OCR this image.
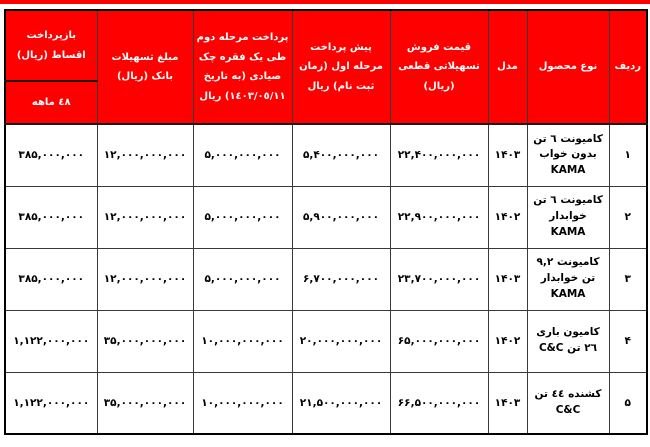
ردیف	نوع محصول	مدل	قیمت فروش تسهیلاتی قطعی (ریال)	پیش پرداخت مرحله اول (زمان ثبت نام) ریال	پرداخت مرحله دوم طی یک فقره چک صیادی (به تاریخ ١٤٠٣/٠٥/١١) ریال	مبلغ تسهیلات بانک (ریال)	بازپرداخت اقساط (ریال)
							٤٨ ماهه
۱	کامیونت ٦ تن بدون خواب KAMA	۱۴۰۳	۲۲,۴۰۰,۰۰۰,۰۰۰	۵,۴۰۰,۰۰۰,۰۰۰	۵,۰۰۰,۰۰۰,۰۰۰	۱۲,۰۰۰,۰۰۰,۰۰۰	۳۸۵,۰۰۰,۰۰۰
۲	کامیونت ٦ تن خوابدار KAMA	۱۴۰۲	۲۲,۹۰۰,۰۰۰,۰۰۰	۵,۹۰۰,۰۰۰,۰۰۰	۵,۰۰۰,۰۰۰,۰۰۰	۱۲,۰۰۰,۰۰۰,۰۰۰	۳۸۵,۰۰۰,۰۰۰
۳	کامیونت ٩,٢ تن خوابدار KAMA	۱۴۰۳	۲۳,۷۰۰,۰۰۰,۰۰۰	۶,۷۰۰,۰۰۰,۰۰۰	۵,۰۰۰,۰۰۰,۰۰۰	۱۲,۰۰۰,۰۰۰,۰۰۰	۳۸۵,۰۰۰,۰۰۰
۴	کامیون باری ٢٦ تن C&C	۱۴۰۲	۶۵,۰۰۰,۰۰۰,۰۰۰	۲۰,۰۰۰,۰۰۰,۰۰۰	۱۰,۰۰۰,۰۰۰,۰۰۰	۳۵,۰۰۰,۰۰۰,۰۰۰	۱,۱۲۲,۰۰۰,۰۰۰
۵	کشنده ٤٤ تن C&C	۱۴۰۳	۶۶,۵۰۰,۰۰۰,۰۰۰	۲۱,۵۰۰,۰۰۰,۰۰۰	۱۰,۰۰۰,۰۰۰,۰۰۰	۳۵,۰۰۰,۰۰۰,۰۰۰	۱,۱۲۲,۰۰۰,۰۰۰
